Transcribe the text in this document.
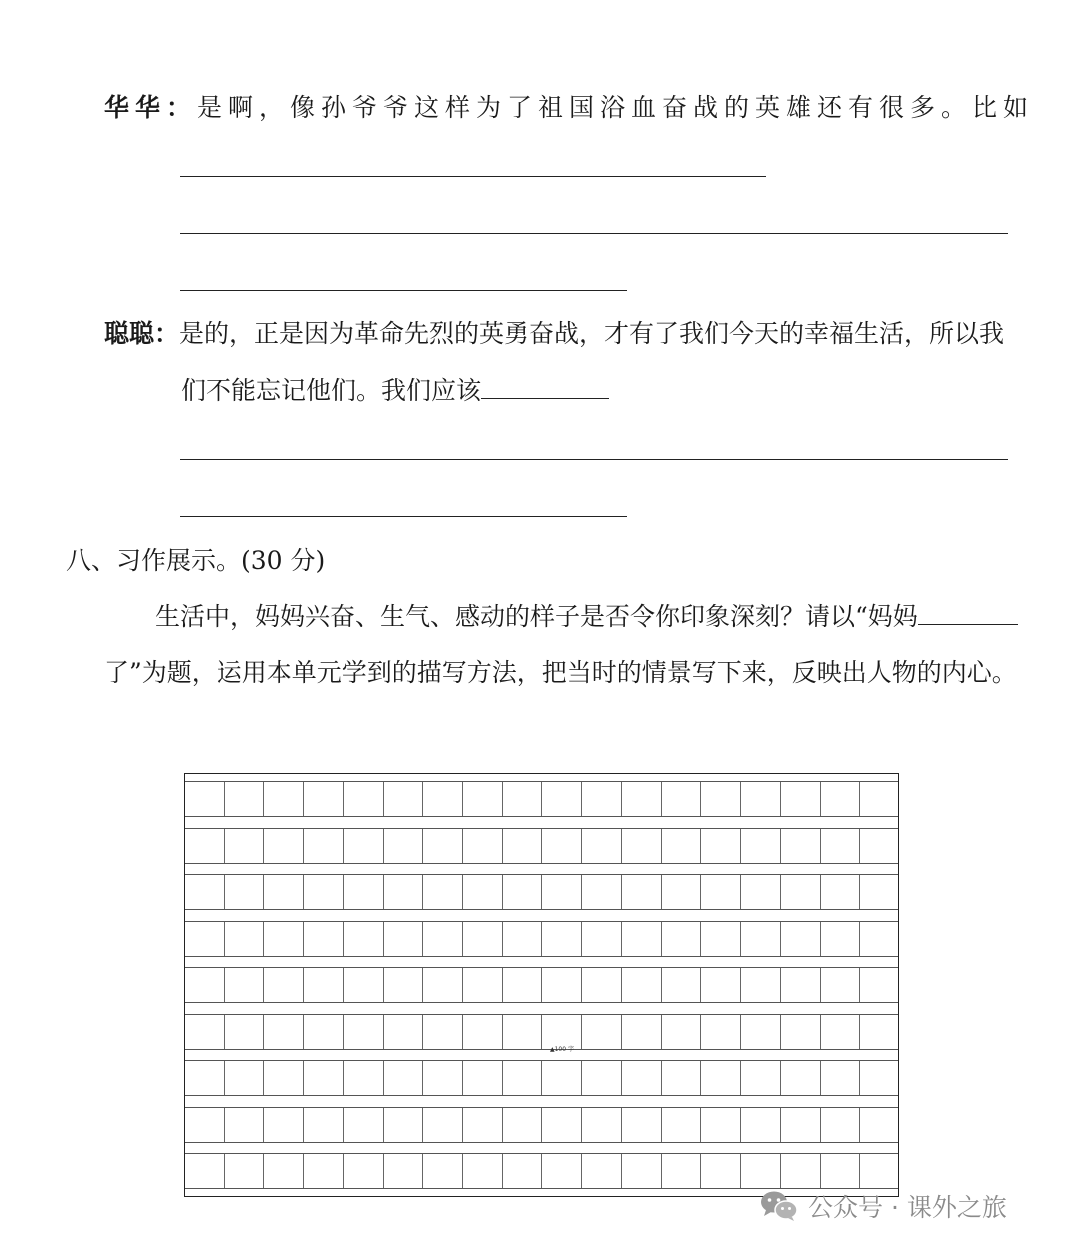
华华：是啊，像孙爷爷这样为了祖国浴血奋战的英雄还有很多。比如
聪聪：是的，正是因为革命先烈的英勇奋战，才有了我们今天的幸福生活，所以我
们不能忘记他们。我们应该
八、习作展示。(30 分)
生活中，妈妈兴奋、生气、感动的样子是否令你印象深刻？请以“妈妈
了”为题，运用本单元学到的描写方法，把当时的情景写下来，反映出人物的内心。
▲100 字
公众号 · 课外之旅
